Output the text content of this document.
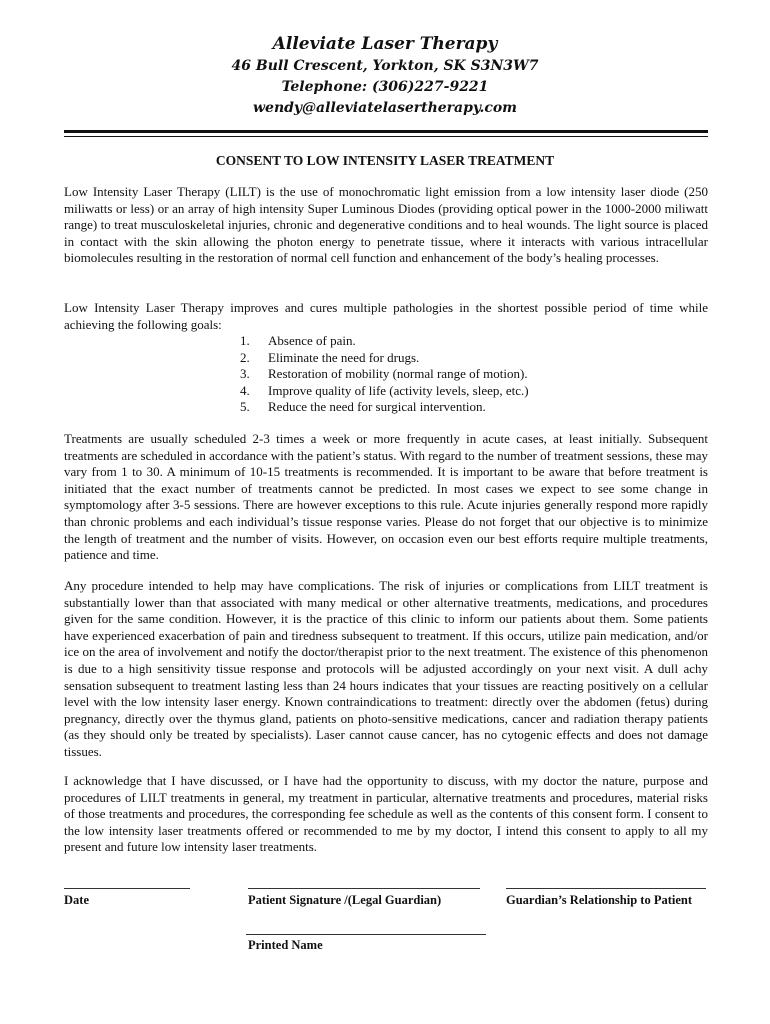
Alleviate Laser Therapy
46 Bull Crescent, Yorkton, SK S3N3W7
Telephone: (306)227-9221
wendy@alleviatelasertherapy.com
CONSENT TO LOW INTENSITY LASER TREATMENT
Low Intensity Laser Therapy (LILT) is the use of monochromatic light emission from a low intensity laser diode (250 miliwatts or less) or an array of high intensity Super Luminous Diodes (providing optical power in the 1000-2000 miliwatt range) to treat musculoskeletal injuries, chronic and degenerative conditions and to heal wounds. The light source is placed in contact with the skin allowing the photon energy to penetrate tissue, where it interacts with various intracellular biomolecules resulting in the restoration of normal cell function and enhancement of the body’s healing processes.
Low Intensity Laser Therapy improves and cures multiple pathologies in the shortest possible period of time while achieving the following goals:
1.	Absence of pain.
2.	Eliminate the need for drugs.
3.	Restoration of mobility (normal range of motion).
4.	Improve quality of life (activity levels, sleep, etc.)
5.	Reduce the need for surgical intervention.
Treatments are usually scheduled 2-3 times a week or more frequently in acute cases, at least initially. Subsequent treatments are scheduled in accordance with the patient’s status. With regard to the number of treatment sessions, these may vary from 1 to 30. A minimum of 10-15 treatments is recommended. It is important to be aware that before treatment is initiated that the exact number of treatments cannot be predicted. In most cases we expect to see some change in symptomology after 3-5 sessions. There are however exceptions to this rule. Acute injuries generally respond more rapidly than chronic problems and each individual’s tissue response varies. Please do not forget that our objective is to minimize the length of treatment and the number of visits. However, on occasion even our best efforts require multiple treatments, patience and time.
Any procedure intended to help may have complications. The risk of injuries or complications from LILT treatment is substantially lower than that associated with many medical or other alternative treatments, medications, and procedures given for the same condition. However, it is the practice of this clinic to inform our patients about them. Some patients have experienced exacerbation of pain and tiredness subsequent to treatment. If this occurs, utilize pain medication, and/or ice on the area of involvement and notify the doctor/therapist prior to the next treatment. The existence of this phenomenon is due to a high sensitivity tissue response and protocols will be adjusted accordingly on your next visit. A dull achy sensation subsequent to treatment lasting less than 24 hours indicates that your tissues are reacting positively on a cellular level with the low intensity laser energy. Known contraindications to treatment: directly over the abdomen (fetus) during pregnancy, directly over the thymus gland, patients on photo-sensitive medications, cancer and radiation therapy patients (as they should only be treated by specialists). Laser cannot cause cancer, has no cytogenic effects and does not damage tissues.
I acknowledge that I have discussed, or I have had the opportunity to discuss, with my doctor the nature, purpose and procedures of LILT treatments in general, my treatment in particular, alternative treatments and procedures, material risks of those treatments and procedures, the corresponding fee schedule as well as the contents of this consent form. I consent to the low intensity laser treatments offered or recommended to me by my doctor, I intend this consent to apply to all my present and future low intensity laser treatments.
Date	Patient Signature /(Legal Guardian)	Guardian’s Relationship to Patient
Printed Name
